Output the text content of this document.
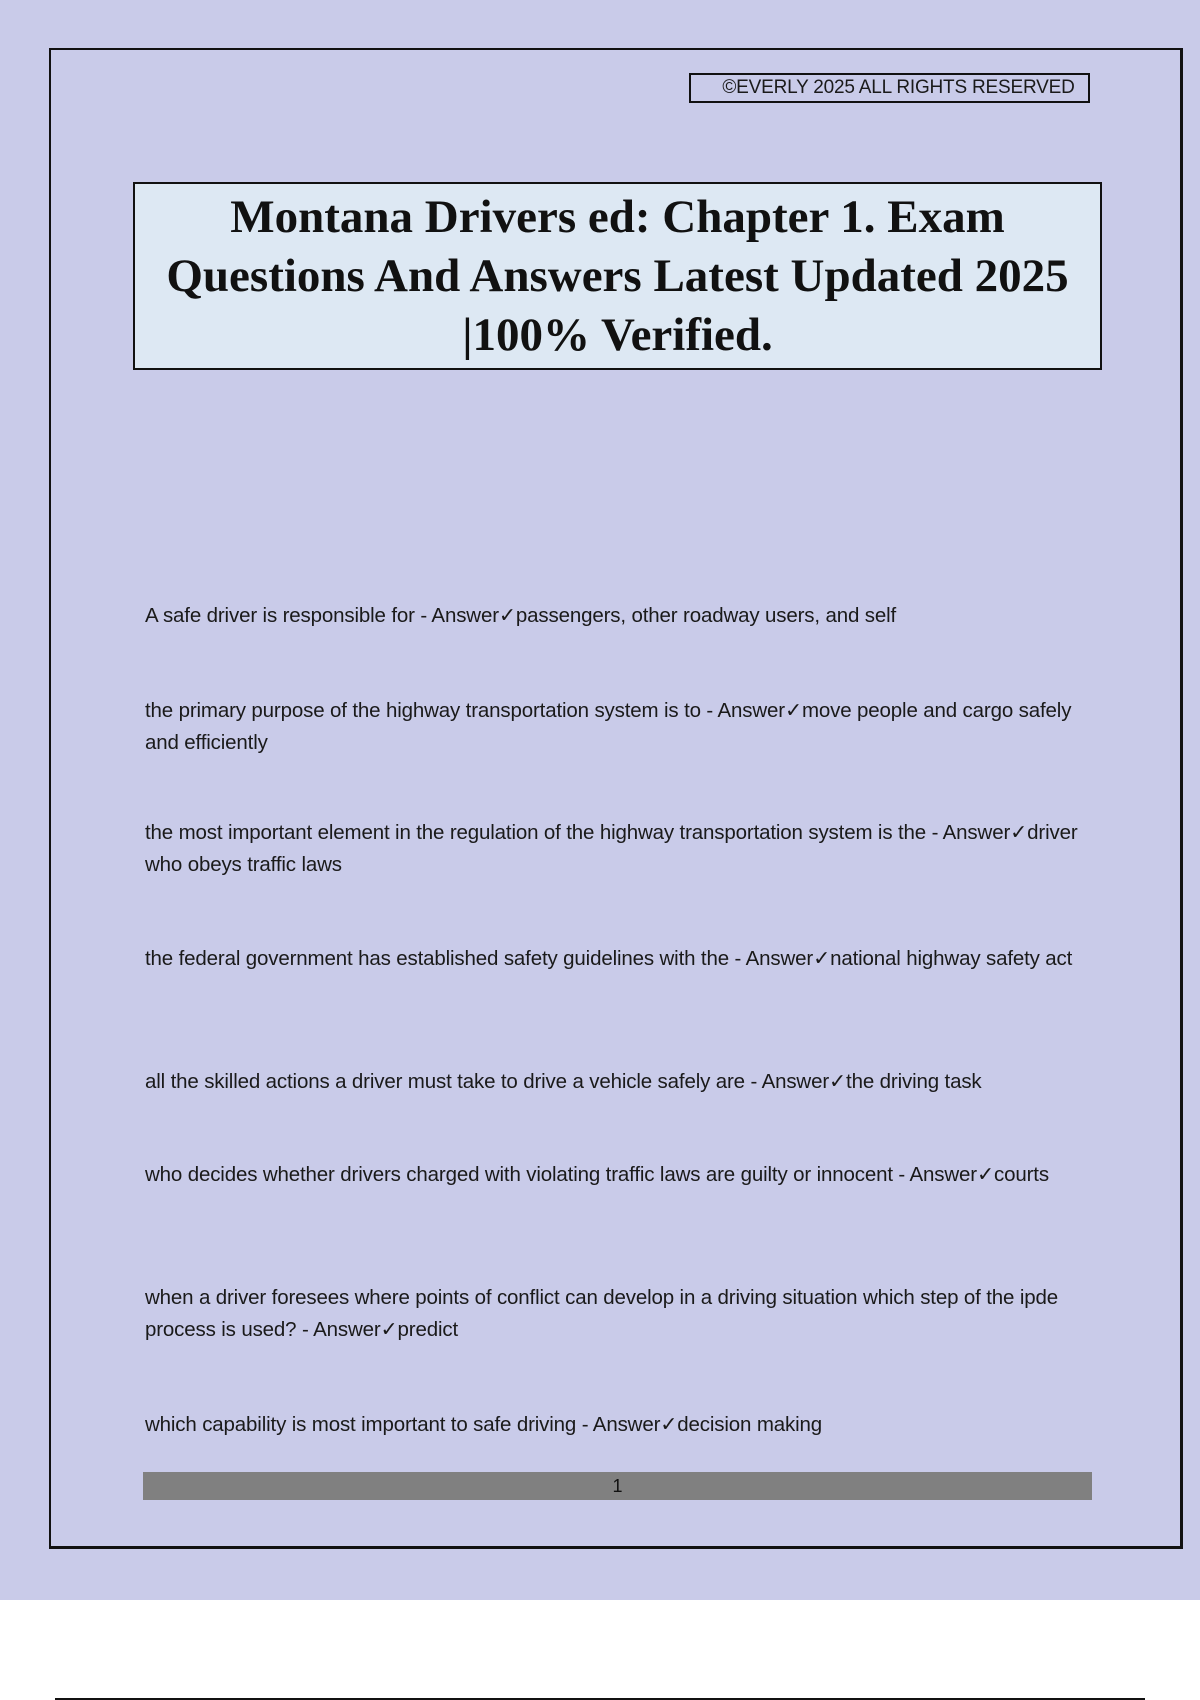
©EVERLY 2025 ALL RIGHTS RESERVED
Montana Drivers ed: Chapter 1. Exam Questions And Answers Latest Updated 2025 |100% Verified.
A safe driver is responsible for - Answer✓passengers, other roadway users, and self
the primary purpose of the highway transportation system is to - Answer✓move people and cargo safely and efficiently
the most important element in the regulation of the highway transportation system is the - Answer✓driver who obeys traffic laws
the federal government has established safety guidelines with the - Answer✓national highway safety act
all the skilled actions a driver must take to drive a vehicle safely are - Answer✓the driving task
who decides whether drivers charged with violating traffic laws are guilty or innocent - Answer✓courts
when a driver foresees where points of conflict can develop in a driving situation which step of the ipde process is used? - Answer✓predict
which capability is most important to safe driving - Answer✓decision making
1
